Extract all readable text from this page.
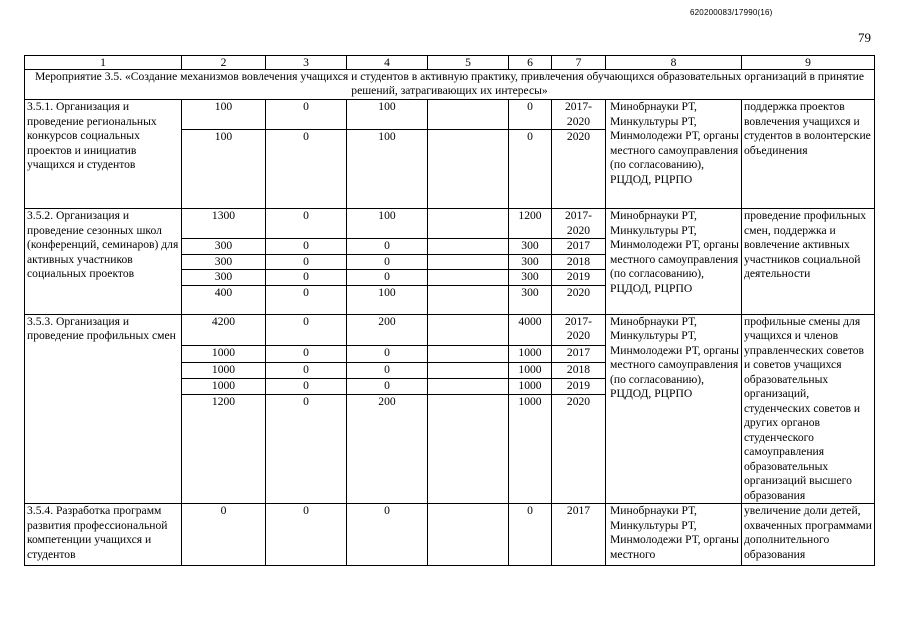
620200083/17990(16)
79
1	2	3	4	5	6	7	8	9
Мероприятие 3.5. «Создание механизмов вовлечения учащихся и студентов в активную практику, привлечения обучающихся образовательных организаций в принятие решений, затрагивающих их интересы»								
3.5.1. Организация и проведение региональных конкурсов социальных проектов и инициатив учащихся и студентов	100	0	100		0	2017-2020	Минобрнауки РТ, Минкультуры РТ, Минмолодежи РТ, органы местного самоуправления (по согласованию), РЦДОД, РЦРПО	поддержка проектов вовлечения учащихся и студентов в волонтерские объединения
	100	0	100		0	2020		
3.5.2. Организация и проведение сезонных школ (конференций, семинаров) для активных участников социальных проектов	1300	0	100		1200	2017-2020	Минобрнауки РТ, Минкультуры РТ, Минмолодежи РТ, органы местного самоуправления (по согласованию), РЦДОД, РЦРПО	проведение профильных смен, поддержка и вовлечение активных участников социальной деятельности
	300	0	0		300	2017		
	300	0	0		300	2018		
	300	0	0		300	2019		
	400	0	100		300	2020		
3.5.3. Организация и проведение профильных смен	4200	0	200		4000	2017-2020	Минобрнауки РТ, Минкультуры РТ, Минмолодежи РТ, органы местного самоуправления (по согласованию), РЦДОД, РЦРПО	профильные смены для учащихся и членов управленческих советов и советов учащихся образовательных организаций, студенческих советов и других органов студенческого самоуправления образовательных организаций высшего образования
	1000	0	0		1000	2017		
	1000	0	0		1000	2018		
	1000	0	0		1000	2019		
	1200	0	200		1000	2020		
3.5.4. Разработка программ развития профессиональной компетенции учащихся и студентов	0	0	0		0	2017	Минобрнауки РТ, Минкультуры РТ, Минмолодежи РТ, органы местного	увеличение доли детей, охваченных программами дополнительного образования
